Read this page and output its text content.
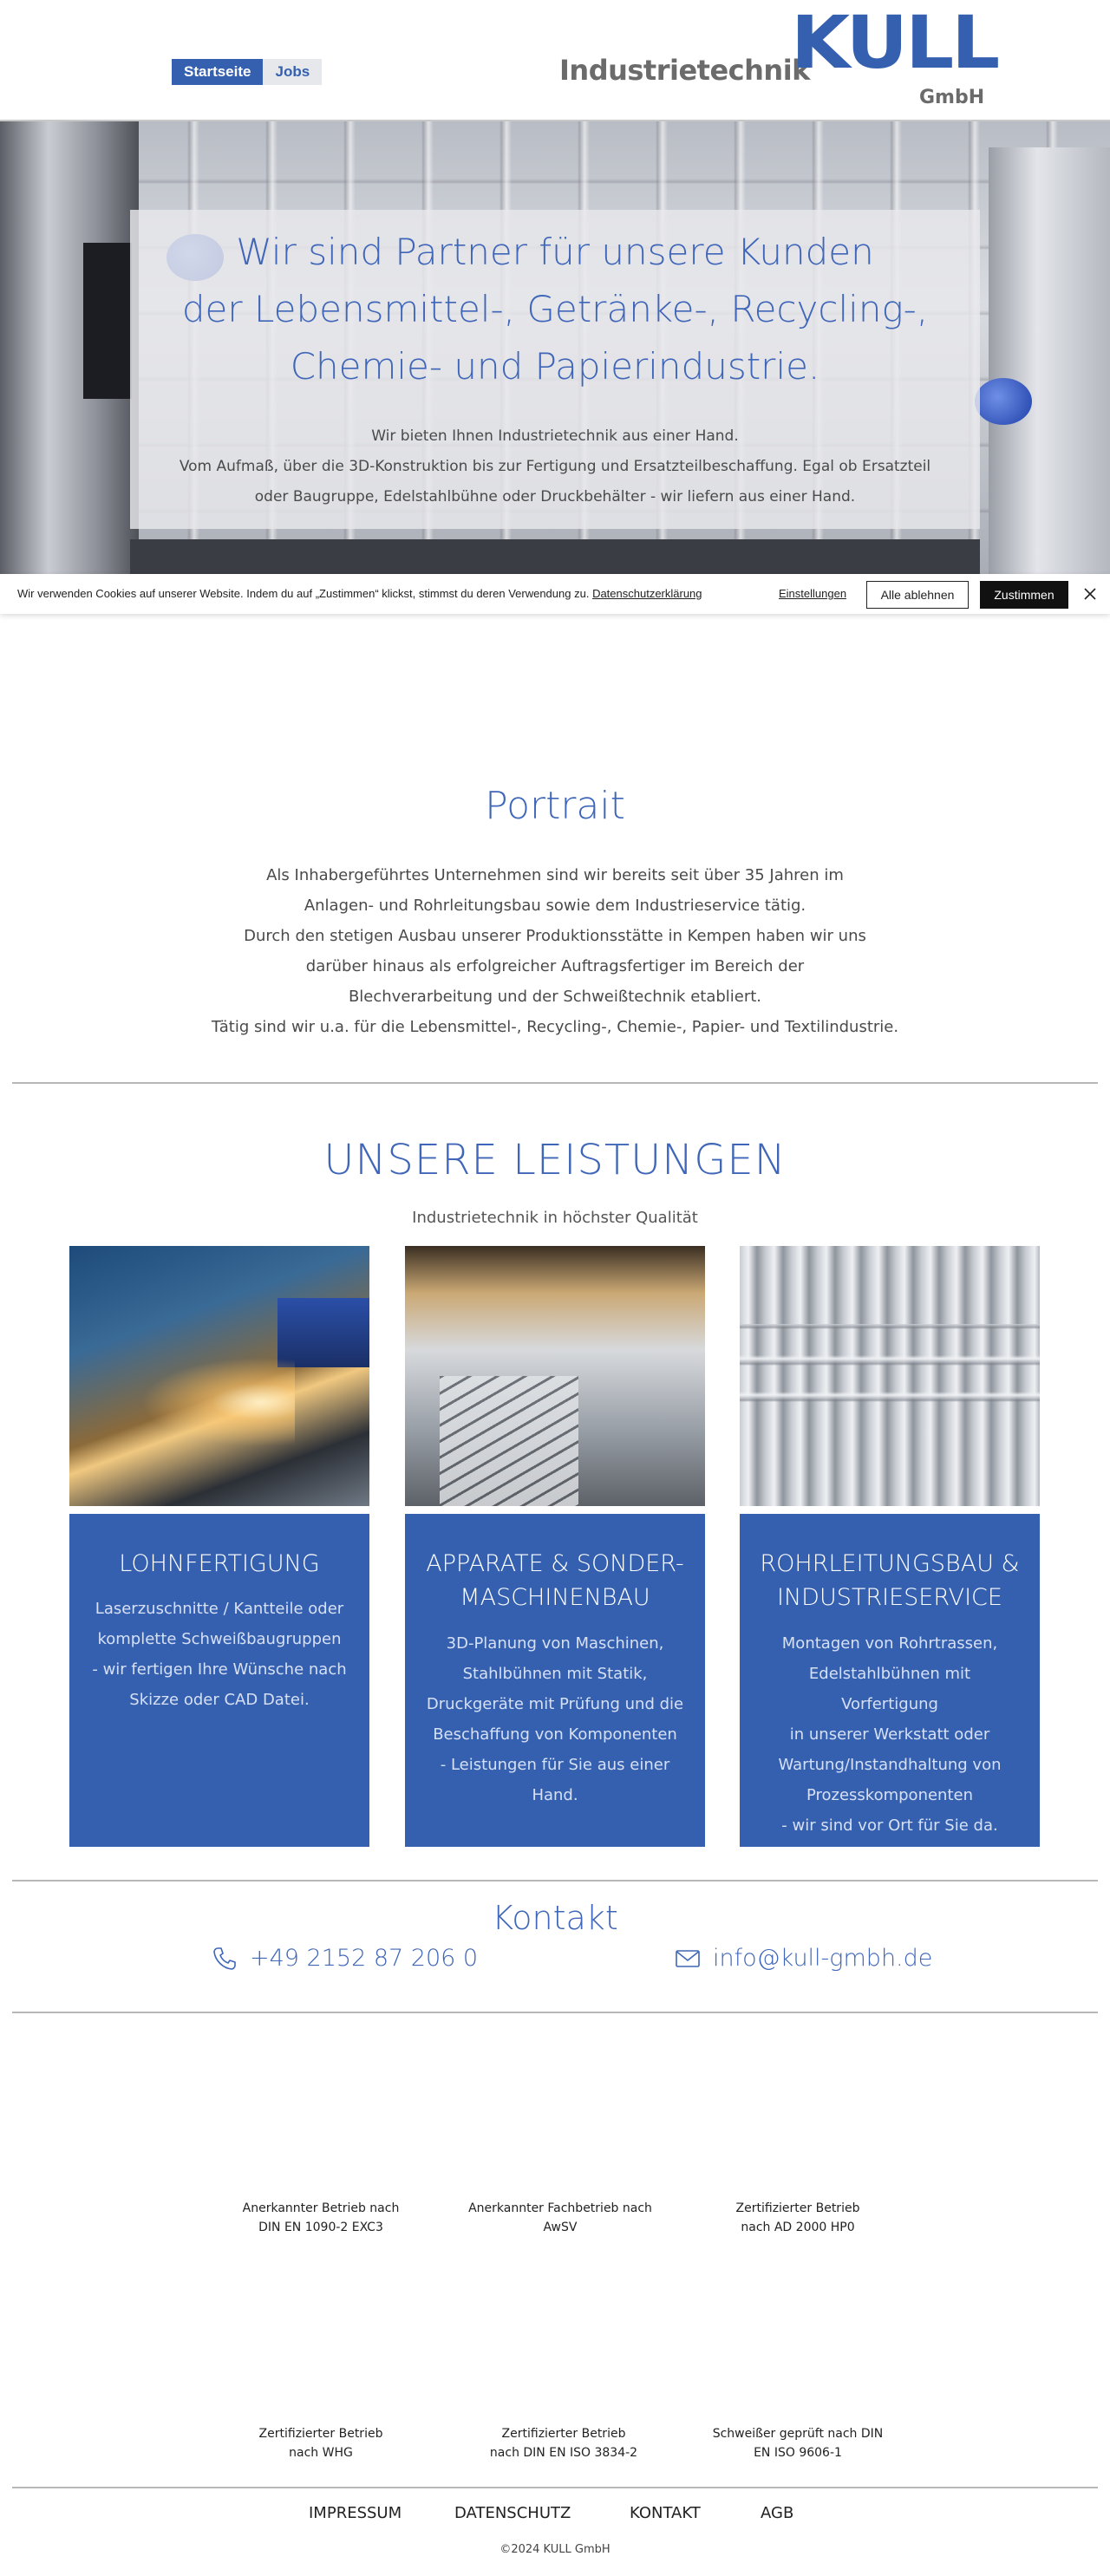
Startseite	Jobs	Industrietechnik
KULL
GmbH
Wir sind Partner für unsere Kunden
der Lebensmittel-, Getränke-, Recycling-,
Chemie- und Papierindustrie.
Wir bieten Ihnen Industrietechnik aus einer Hand.
Vom Aufmaß, über die 3D-Konstruktion bis zur Fertigung und Ersatzteilbeschaffung. Egal ob Ersatzteil
oder Baugruppe, Edelstahlbühne oder Druckbehälter - wir liefern aus einer Hand.
Wir verwenden Cookies auf unserer Website. Indem du auf „Zustimmen“ klickst, stimmst du deren Verwendung zu. Datenschutzerklärung	Einstellungen	Alle ablehnen	Zustimmen
Portrait
Als Inhabergeführtes Unternehmen sind wir bereits seit über 35 Jahren im
Anlagen- und Rohrleitungsbau sowie dem Industrieservice tätig.
Durch den stetigen Ausbau unserer Produktionsstätte in Kempen haben wir uns
darüber hinaus als erfolgreicher Auftragsfertiger im Bereich der
Blechverarbeitung und der Schweißtechnik etabliert.
Tätig sind wir u.a. für die Lebensmittel-, Recycling-, Chemie-, Papier- und Textilindustrie.
UNSERE LEISTUNGEN
Industrietechnik in höchster Qualität
LOHNFERTIGUNG
Laserzuschnitte / Kantteile oder
komplette Schweißbaugruppen
- wir fertigen Ihre Wünsche nach
Skizze oder CAD Datei.
APPARATE & SONDER-
MASCHINENBAU
3D-Planung von Maschinen,
Stahlbühnen mit Statik,
Druckgeräte mit Prüfung und die
Beschaffung von Komponenten
- Leistungen für Sie aus einer
Hand.
ROHRLEITUNGSBAU &
INDUSTRIESERVICE
Montagen von Rohrtrassen,
Edelstahlbühnen mit Vorfertigung
in unserer Werkstatt oder
Wartung/Instandhaltung von
Prozesskomponenten
- wir sind vor Ort für Sie da.
Kontakt
+49 2152 87 206 0	info@kull-gmbh.de
Anerkannter Betrieb nach
DIN EN 1090-2 EXC3
Anerkannter Fachbetrieb nach
AwSV
Zertifizierter Betrieb
nach AD 2000 HP0
Zertifizierter Betrieb
nach WHG
Zertifizierter Betrieb
nach DIN EN ISO 3834-2
Schweißer geprüft nach DIN
EN ISO 9606-1
IMPRESSUM	DATENSCHUTZ	KONTAKT	AGB
©2024 KULL GmbH
